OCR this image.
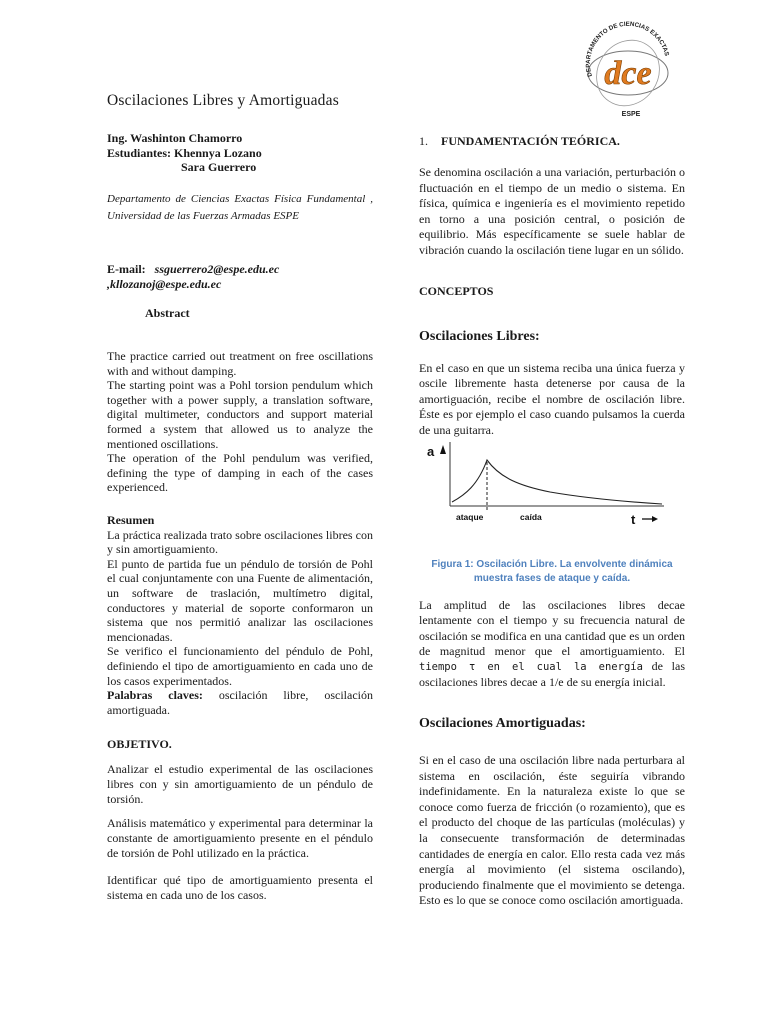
Oscilaciones Libres y Amortiguadas
Ing. Washinton Chamorro
Estudiantes: Khennya Lozano
Sara Guerrero
Departamento de Ciencias Exactas Física Fundamental , Universidad de las Fuerzas Armadas ESPE
E-mail: ssguerrero2@espe.edu.ec
,kllozanoj@espe.edu.ec
Abstract

The practice carried out treatment on free oscillations with and without damping.

The starting point was a Pohl torsion pendulum which together with a power supply, a translation software, digital multimeter, conductors and support material formed a system that allowed us to analyze the mentioned oscillations.

The operation of the Pohl pendulum was verified, defining the type of damping in each of the cases experienced.

Resumen

La práctica realizada trato sobre oscilaciones libres con y sin amortiguamiento.

El punto de partida fue un péndulo de torsión de Pohl el cual conjuntamente con una Fuente de alimentación, un software de traslación, multímetro digital, conductores y material de soporte conformaron un sistema que nos permitió analizar las oscilaciones mencionadas.

Se verifico el funcionamiento del péndulo de Pohl, definiendo el tipo de amortiguamiento en cada uno de los casos experimentados.

Palabras claves: oscilación libre, oscilación amortiguada.

OBJETIVO.
Analizar el estudio experimental de las oscilaciones libres con y sin amortiguamiento de un péndulo de torsión.
Análisis matemático y experimental para determinar la constante de amortiguamiento presente en el péndulo de torsión de Pohl utilizado en la práctica.
Identificar qué tipo de amortiguamiento presenta el sistema en cada uno de los casos.
DEPARTAMENTO DE CIENCIAS EXACTAS
dce
ESPE
1. FUNDAMENTACIÓN TEÓRICA.
Se denomina oscilación a una variación, perturbación o fluctuación en el tiempo de un medio o sistema. En física, química e ingeniería es el movimiento repetido en torno a una posición central, o posición de equilibrio. Más específicamente se suele hablar de vibración cuando la oscilación tiene lugar en un sólido.
CONCEPTOS
Oscilaciones Libres:
En el caso en que un sistema reciba una única fuerza y oscile libremente hasta detenerse por causa de la amortiguación, recibe el nombre de oscilación libre. Éste es por ejemplo el caso cuando pulsamos la cuerda de una guitarra.
a
ataque	caída	t
Figura 1: Oscilación Libre. La envolvente dinámica muestra fases de ataque y caída.
La amplitud de las oscilaciones libres decae lentamente con el tiempo y su frecuencia natural de oscilación se modifica en una cantidad que es un orden de magnitud menor que el amortiguamiento. El tiempo τ en el cual la energía de las oscilaciones libres decae a 1/e de su energía inicial.
Oscilaciones Amortiguadas:
Si en el caso de una oscilación libre nada perturbara al sistema en oscilación, éste seguiría vibrando indefinidamente. En la naturaleza existe lo que se conoce como fuerza de fricción (o rozamiento), que es el producto del choque de las partículas (moléculas) y la consecuente transformación de determinadas cantidades de energía en calor. Ello resta cada vez más energía al movimiento (el sistema oscilando), produciendo finalmente que el movimiento se detenga. Esto es lo que se conoce como oscilación amortiguada.
